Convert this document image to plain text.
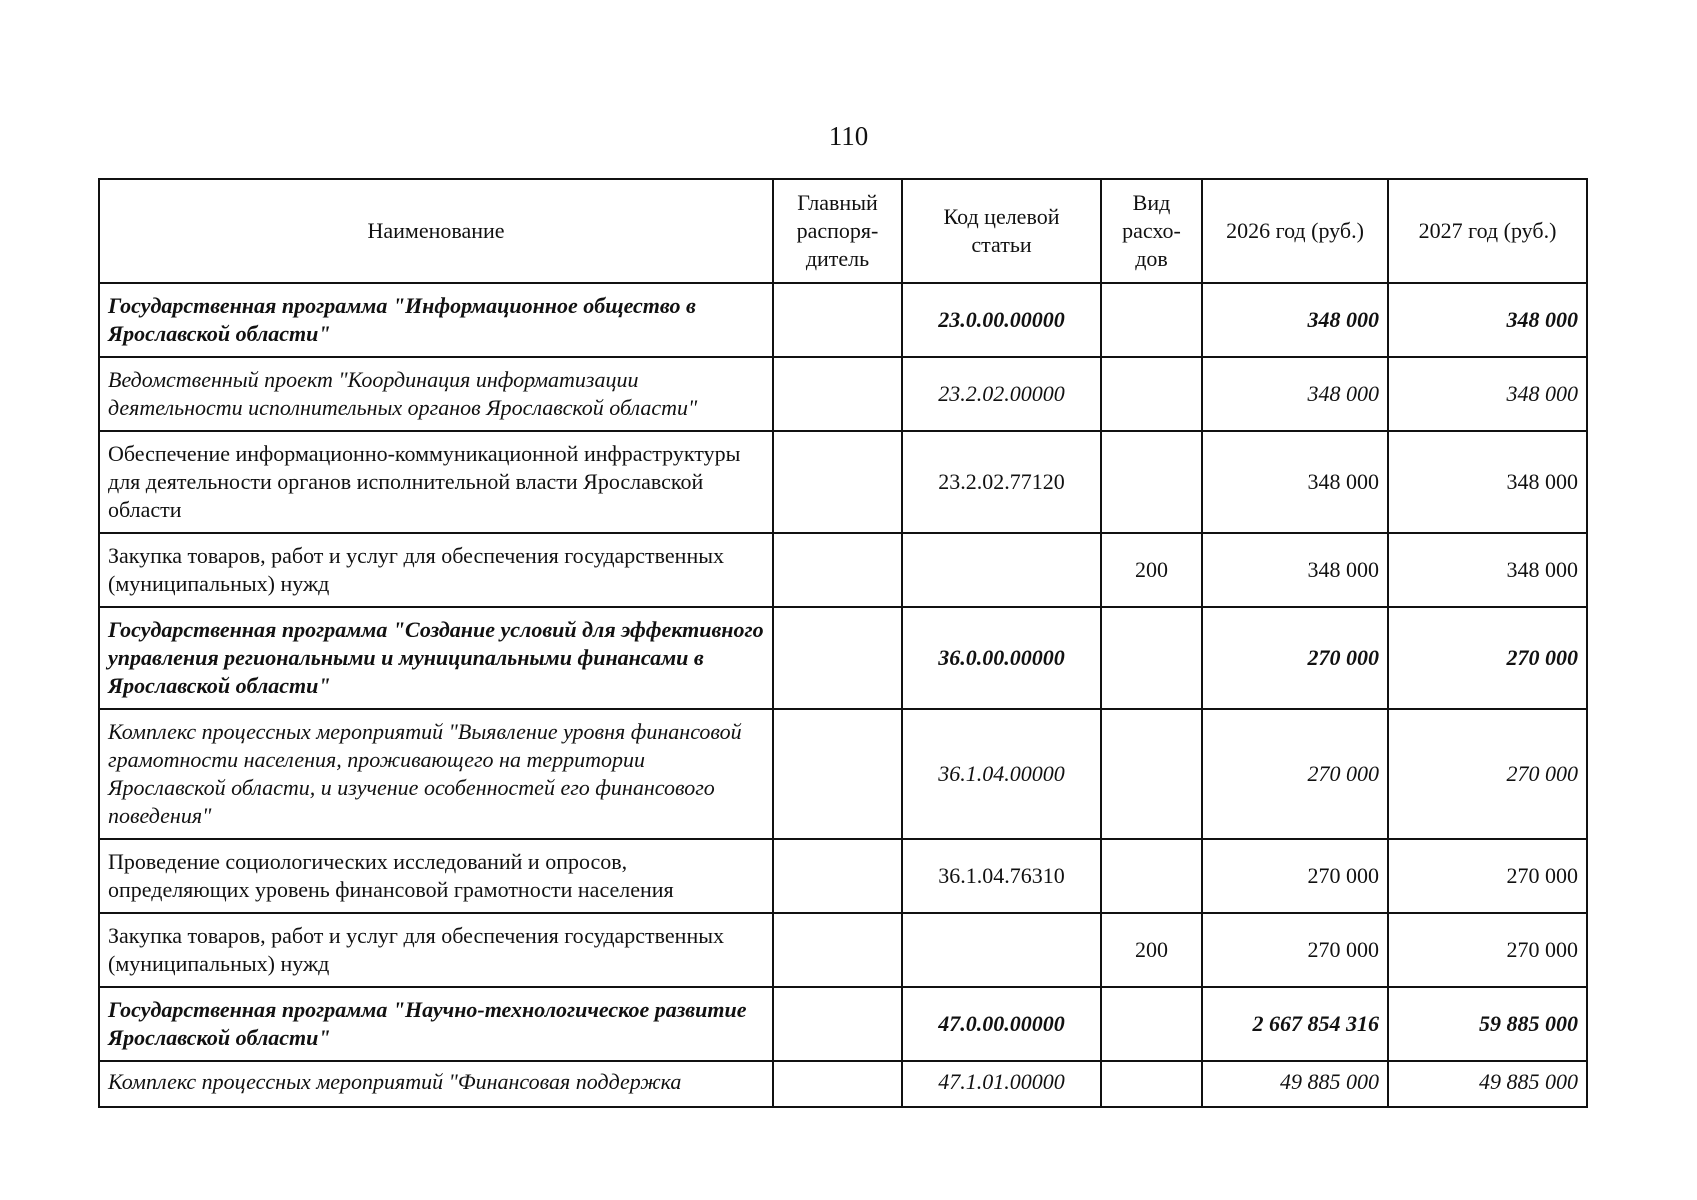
110
Наименование	Главный распоря-дитель	Код целевой статьи	Вид расхо-дов	2026 год (руб.)	2027 год (руб.)
Государственная программа "Информационное общество в Ярославской области"		23.0.00.00000		348 000	348 000
Ведомственный проект "Координация информатизации деятельности исполнительных органов Ярославской области"		23.2.02.00000		348 000	348 000
Обеспечение информационно-коммуникационной инфраструктуры для деятельности органов исполнительной власти Ярославской области		23.2.02.77120		348 000	348 000
Закупка товаров, работ и услуг для обеспечения государственных (муниципальных) нужд			200	348 000	348 000
Государственная программа "Создание условий для эффективного управления региональными и муниципальными финансами в Ярославской области"		36.0.00.00000		270 000	270 000
Комплекс процессных мероприятий "Выявление уровня финансовой грамотности населения, проживающего на территории Ярославской области, и изучение особенностей его финансового поведения"		36.1.04.00000		270 000	270 000
Проведение социологических исследований и опросов, определяющих уровень финансовой грамотности населения		36.1.04.76310		270 000	270 000
Закупка товаров, работ и услуг для обеспечения государственных (муниципальных) нужд			200	270 000	270 000
Государственная программа "Научно-технологическое развитие Ярославской области"		47.0.00.00000		2 667 854 316	59 885 000
Комплекс процессных мероприятий "Финансовая поддержка		47.1.01.00000		49 885 000	49 885 000
